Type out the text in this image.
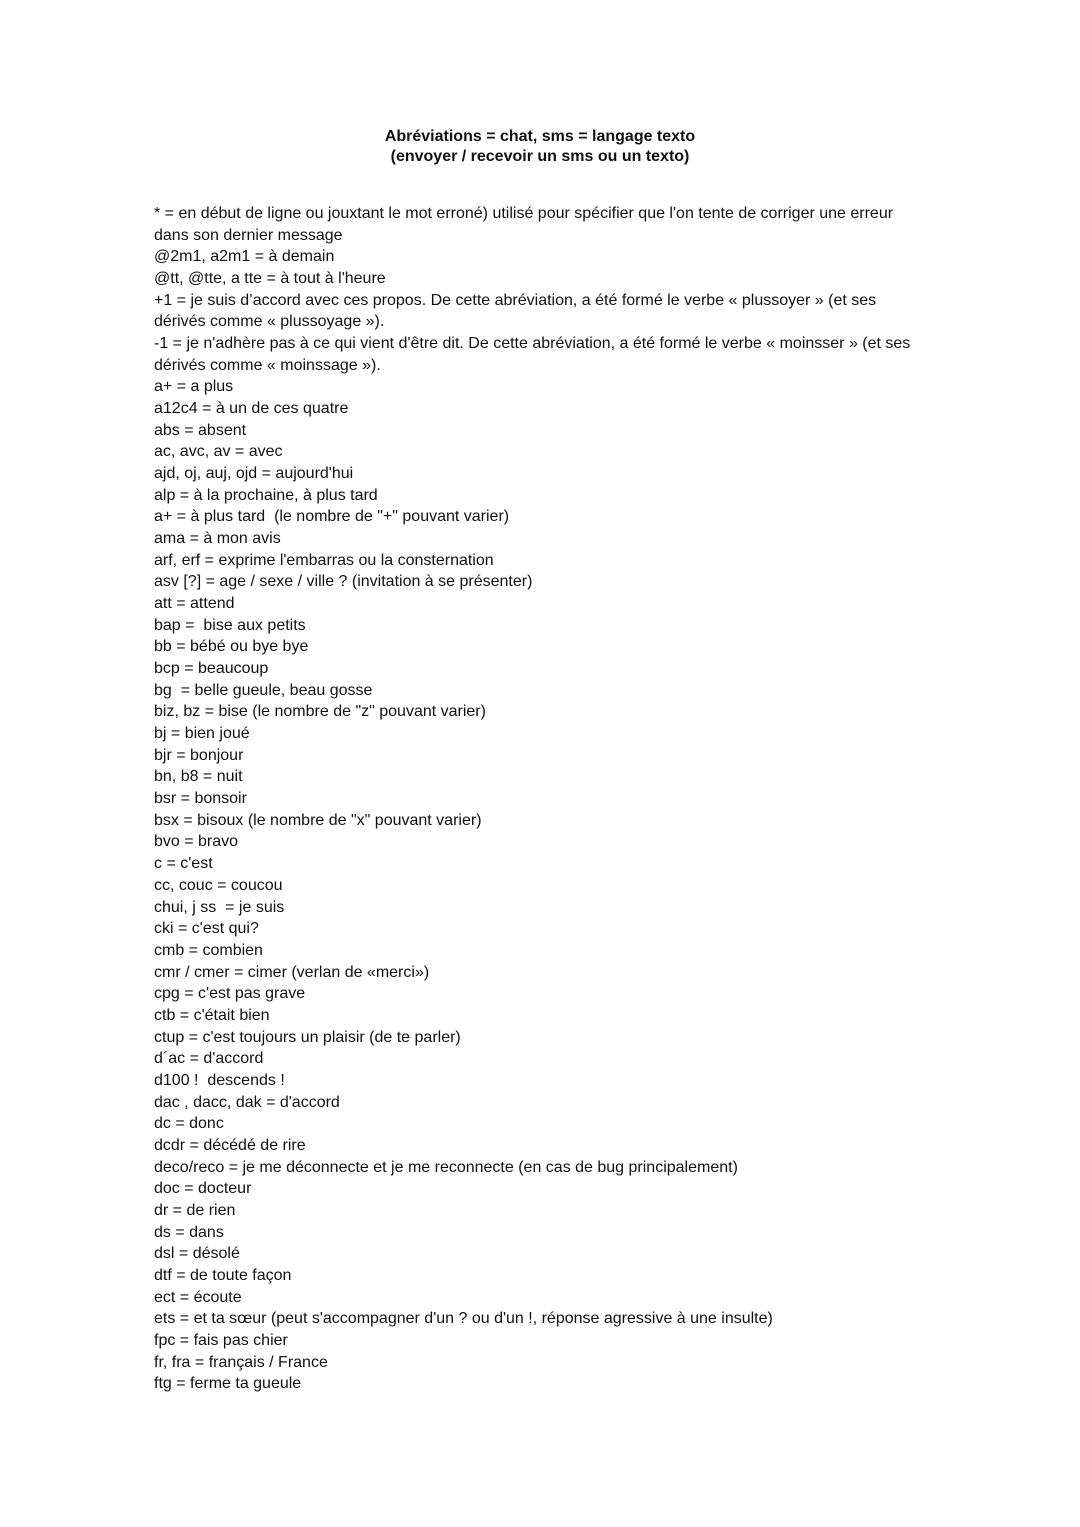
Abréviations = chat, sms = langage texto
(envoyer / recevoir un sms ou un texto)
* = en début de ligne ou jouxtant le mot erroné) utilisé pour spécifier que l'on tente de corriger une erreur dans son dernier message
@2m1, a2m1 = à demain
@tt, @tte, a tte = à tout à l'heure
+1 = je suis d’accord avec ces propos. De cette abréviation, a été formé le verbe « plussoyer » (et ses dérivés comme « plussoyage »).
-1 = je n'adhère pas à ce qui vient d'être dit. De cette abréviation, a été formé le verbe « moinsser » (et ses dérivés comme « moinssage »).
a+ = a plus
a12c4 = à un de ces quatre
abs = absent
ac, avc, av = avec
ajd, oj, auj, ojd = aujourd'hui
alp = à la prochaine, à plus tard
a+ = à plus tard  (le nombre de "+" pouvant varier)
ama = à mon avis
arf, erf = exprime l'embarras ou la consternation
asv [?] = age / sexe / ville ? (invitation à se présenter)
att = attend
bap =  bise aux petits
bb = bébé ou bye bye
bcp = beaucoup
bg  = belle gueule, beau gosse
biz, bz = bise (le nombre de "z" pouvant varier)
bj = bien joué
bjr = bonjour
bn, b8 = nuit
bsr = bonsoir
bsx = bisoux (le nombre de "x" pouvant varier)
bvo = bravo
c = c'est
cc, couc = coucou
chui, j ss  = je suis
cki = c'est qui?
cmb = combien
cmr / cmer = cimer (verlan de «merci»)
cpg = c'est pas grave
ctb = c'était bien
ctup = c'est toujours un plaisir (de te parler)
d´ac = d'accord
d100 !  descends !
dac , dacc, dak = d'accord
dc = donc
dcdr = décédé de rire
deco/reco = je me déconnecte et je me reconnecte (en cas de bug principalement)
doc = docteur
dr = de rien
ds = dans
dsl = désolé
dtf = de toute façon
ect = écoute
ets = et ta sœur (peut s'accompagner d'un ? ou d'un !, réponse agressive à une insulte)
fpc = fais pas chier
fr, fra = français / France
ftg = ferme ta gueule
